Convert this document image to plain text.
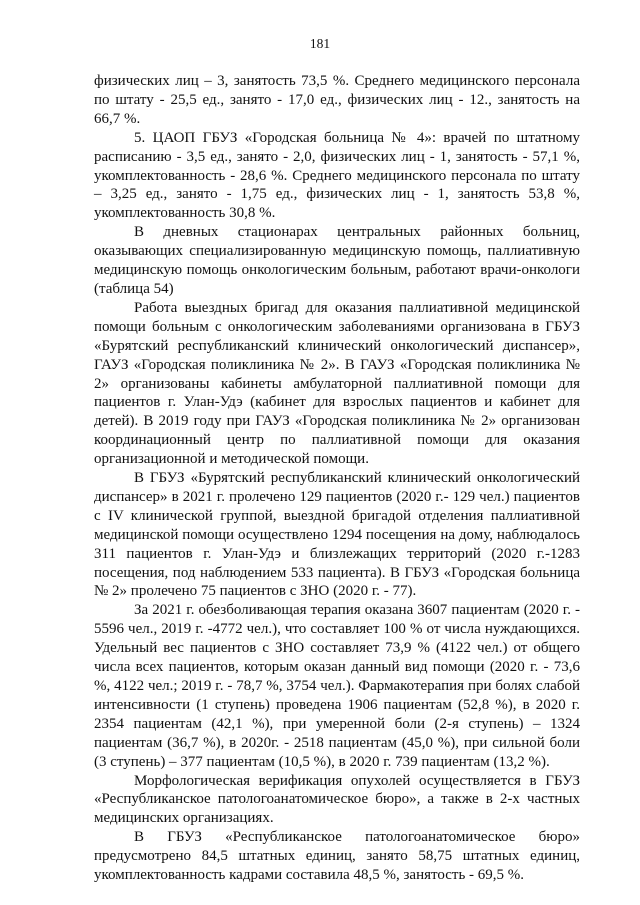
181

физических лиц – 3, занятость 73,5 %. Среднего медицинского персонала по штату - 25,5 ед., занято - 17,0 ед., физических лиц - 12., занятость на 66,7 %.

5. ЦАОП ГБУЗ «Городская больница № 4»: врачей по штатному расписанию - 3,5 ед., занято - 2,0, физических лиц - 1, занятость - 57,1 %, укомплектованность - 28,6 %. Среднего медицинского персонала по штату – 3,25 ед., занято - 1,75 ед., физических лиц - 1, занятость 53,8 %, укомплектованность 30,8 %.

В дневных стационарах центральных районных больниц, оказывающих специализированную медицинскую помощь, паллиативную медицинскую помощь онкологическим больным, работают врачи-онкологи (таблица 54)

Работа выездных бригад для оказания паллиативной медицинской помощи больным с онкологическим заболеваниями организована в ГБУЗ «Бурятский республиканский клинический онкологический диспансер», ГАУЗ «Городская поликлиника № 2». В ГАУЗ «Городская поликлиника № 2» организованы кабинеты амбулаторной паллиативной помощи для пациентов г. Улан-Удэ (кабинет для взрослых пациентов и кабинет для детей). В 2019 году при ГАУЗ «Городская поликлиника № 2» организован координационный центр по паллиативной помощи для оказания организационной и методической помощи.

В ГБУЗ «Бурятский республиканский клинический онкологический диспансер» в 2021 г. пролечено 129 пациентов (2020 г.- 129 чел.) пациентов с IV клинической группой, выездной бригадой отделения паллиативной медицинской помощи осуществлено 1294 посещения на дому, наблюдалось 311 пациентов г. Улан-Удэ и близлежащих территорий (2020 г.-1283 посещения, под наблюдением 533 пациента). В ГБУЗ «Городская больница № 2» пролечено 75 пациентов с ЗНО (2020 г. - 77).

За 2021 г. обезболивающая терапия оказана 3607 пациентам (2020 г. - 5596 чел., 2019 г. -4772 чел.), что составляет 100 % от числа нуждающихся. Удельный вес пациентов с ЗНО составляет 73,9 % (4122 чел.) от общего числа всех пациентов, которым оказан данный вид помощи (2020 г. - 73,6 %, 4122 чел.; 2019 г. - 78,7 %, 3754 чел.). Фармакотерапия при болях слабой интенсивности (1 ступень) проведена 1906 пациентам (52,8 %), в 2020 г. 2354 пациентам (42,1 %), при умеренной боли (2-я ступень) – 1324 пациентам (36,7 %), в 2020г. - 2518 пациентам (45,0 %), при сильной боли (3 ступень) – 377 пациентам (10,5 %), в 2020 г. 739 пациентам (13,2 %).

Морфологическая верификация опухолей осуществляется в ГБУЗ «Республиканское патологоанатомическое бюро», а также в 2-х частных медицинских организациях.

В ГБУЗ «Республиканское патологоанатомическое бюро» предусмотрено 84,5 штатных единиц, занято 58,75 штатных единиц, укомплектованность кадрами составила 48,5 %, занятость - 69,5 %.
